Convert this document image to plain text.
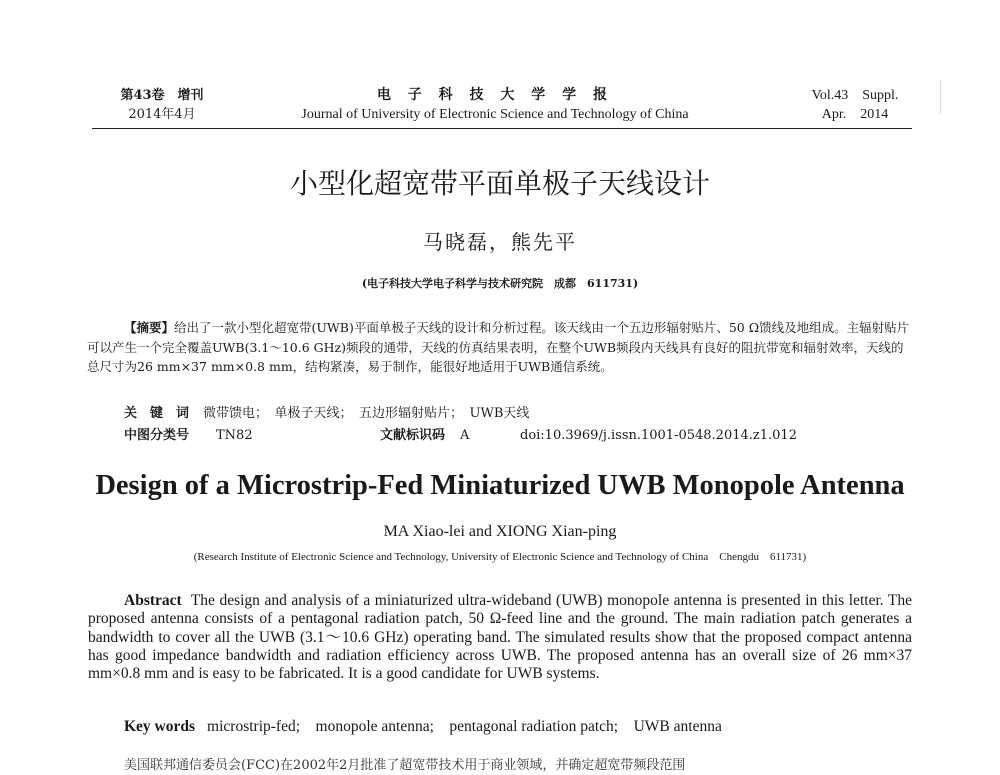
第43卷　增刊
2014年4月
电 子 科 技 大 学 学 报
Journal of University of Electronic Science and Technology of China
Vol.43　Suppl.
Apr.　2014
小型化超宽带平面单极子天线设计
马晓磊，熊先平
(电子科技大学电子科学与技术研究院　成都　611731)
【摘要】给出了一款小型化超宽带(UWB)平面单极子天线的设计和分析过程。该天线由一个五边形辐射贴片、50 Ω馈线及地组成。主辐射贴片可以产生一个完全覆盖UWB(3.1～10.6 GHz)频段的通带，天线的仿真结果表明，在整个UWB频段内天线具有良好的阻抗带宽和辐射效率，天线的总尺寸为26 mm×37 mm×0.8 mm，结构紧凑，易于制作，能很好地适用于UWB通信系统。
关　键　词 微带馈电；　单极子天线；　五边形辐射贴片；　UWB天线
中图分类号 TN82	文献标识码 A	doi:10.3969/j.issn.1001-0548.2014.z1.012
Design of a Microstrip-Fed Miniaturized UWB Monopole Antenna
MA Xiao-lei and XIONG Xian-ping
(Research Institute of Electronic Science and Technology, University of Electronic Science and Technology of China　Chengdu　611731)
Abstract The design and analysis of a miniaturized ultra-wideband (UWB) monopole antenna is presented in this letter. The proposed antenna consists of a pentagonal radiation patch, 50 Ω-feed line and the ground. The main radiation patch generates a bandwidth to cover all the UWB (3.1～10.6 GHz) operating band. The simulated results show that the proposed compact antenna has good impedance bandwidth and radiation efficiency across UWB. The proposed antenna has an overall size of 26 mm×37 mm×0.8 mm and is easy to be fabricated. It is a good candidate for UWB systems.
Key words microstrip-fed;　monopole antenna;　pentagonal radiation patch;　UWB antenna
美国联邦通信委员会(FCC)在2002年2月批准了超宽带技术用于商业领域，并确定超宽带频段范围
